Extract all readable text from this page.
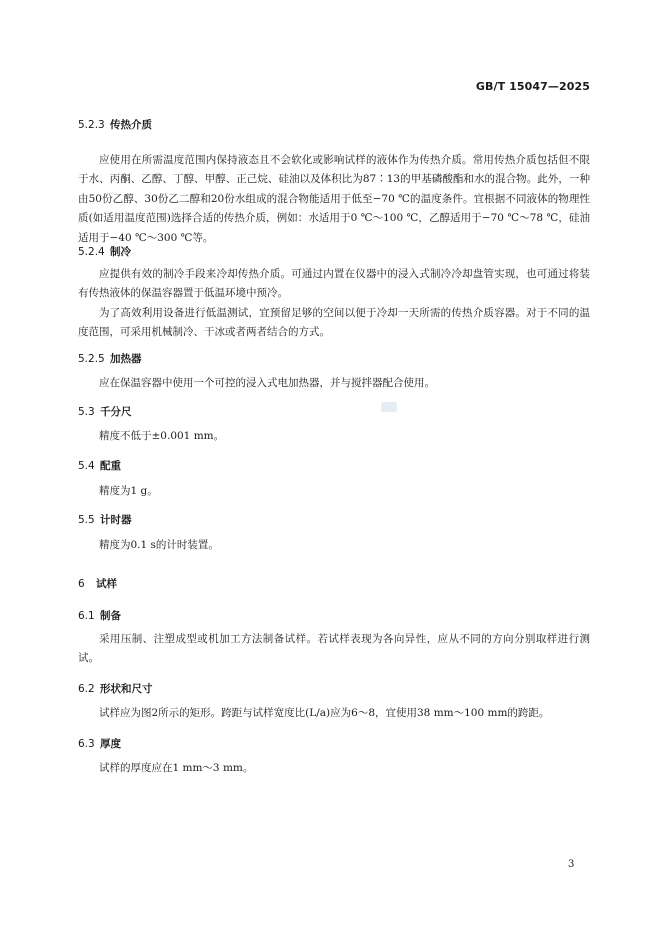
GB/T 15047—2025
5.2.3 传热介质
应使用在所需温度范围内保持液态且不会软化或影响试样的液体作为传热介质。常用传热介质包括但不限于水、丙酮、乙醇、丁醇、甲醇、正己烷、硅油以及体积比为87∶13的甲基磷酸酯和水的混合物。此外，一种由50份乙醇、30份乙二醇和20份水组成的混合物能适用于低至−70 ℃的温度条件。宜根据不同液体的物理性质(如适用温度范围)选择合适的传热介质，例如：水适用于0 ℃～100 ℃，乙醇适用于−70 ℃～78 ℃，硅油适用于−40 ℃～300 ℃等。
5.2.4 制冷
应提供有效的制冷手段来冷却传热介质。可通过内置在仪器中的浸入式制冷冷却盘管实现，也可通过将装有传热液体的保温容器置于低温环境中预冷。
为了高效利用设备进行低温测试，宜预留足够的空间以便于冷却一天所需的传热介质容器。对于不同的温度范围，可采用机械制冷、干冰或者两者结合的方式。
5.2.5 加热器
应在保温容器中使用一个可控的浸入式电加热器，并与搅拌器配合使用。
5.3 千分尺
精度不低于±0.001 mm。
5.4 配重
精度为1 g。
5.5 计时器
精度为0.1 s的计时装置。
6 试样
6.1 制备
采用压制、注塑成型或机加工方法制备试样。若试样表现为各向异性，应从不同的方向分别取样进行测试。
6.2 形状和尺寸
试样应为图2所示的矩形。跨距与试样宽度比(L/a)应为6～8，宜使用38 mm～100 mm的跨距。
6.3 厚度
试样的厚度应在1 mm～3 mm。
3
